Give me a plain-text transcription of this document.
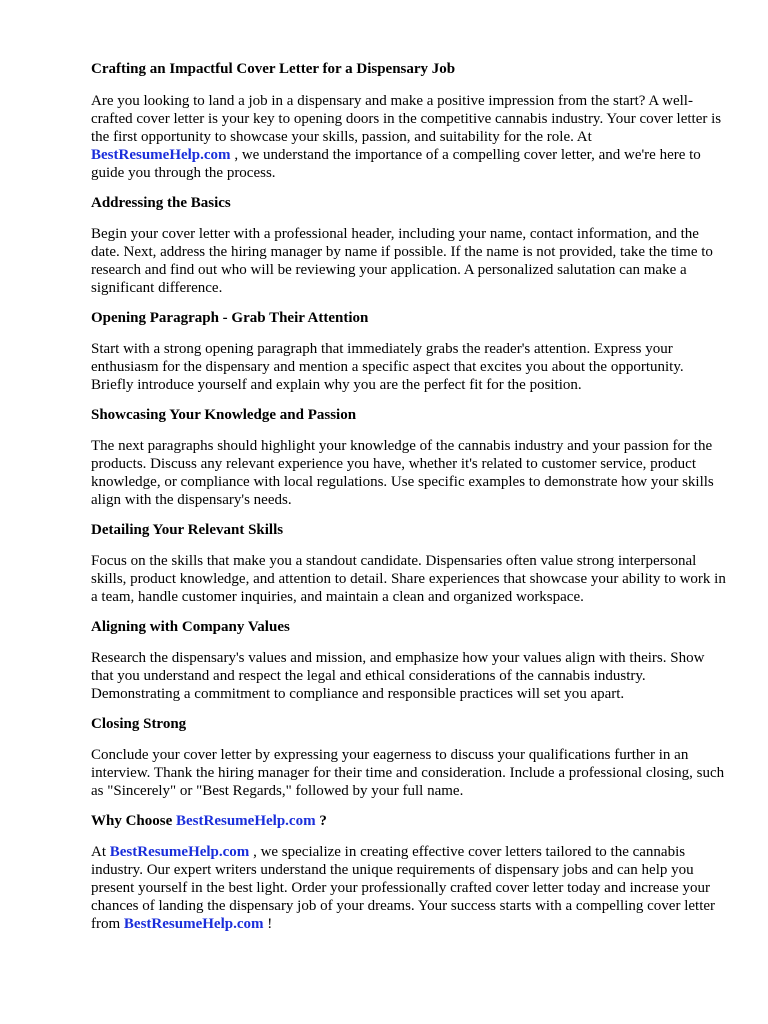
Crafting an Impactful Cover Letter for a Dispensary Job

Are you looking to land a job in a dispensary and make a positive impression from the start? A well-crafted cover letter is your key to opening doors in the competitive cannabis industry. Your cover letter is the first opportunity to showcase your skills, passion, and suitability for the role. At BestResumeHelp.com , we understand the importance of a compelling cover letter, and we're here to guide you through the process.

Addressing the Basics

Begin your cover letter with a professional header, including your name, contact information, and the date. Next, address the hiring manager by name if possible. If the name is not provided, take the time to research and find out who will be reviewing your application. A personalized salutation can make a significant difference.

Opening Paragraph - Grab Their Attention

Start with a strong opening paragraph that immediately grabs the reader's attention. Express your enthusiasm for the dispensary and mention a specific aspect that excites you about the opportunity. Briefly introduce yourself and explain why you are the perfect fit for the position.

Showcasing Your Knowledge and Passion

The next paragraphs should highlight your knowledge of the cannabis industry and your passion for the products. Discuss any relevant experience you have, whether it's related to customer service, product knowledge, or compliance with local regulations. Use specific examples to demonstrate how your skills align with the dispensary's needs.

Detailing Your Relevant Skills

Focus on the skills that make you a standout candidate. Dispensaries often value strong interpersonal skills, product knowledge, and attention to detail. Share experiences that showcase your ability to work in a team, handle customer inquiries, and maintain a clean and organized workspace.

Aligning with Company Values

Research the dispensary's values and mission, and emphasize how your values align with theirs. Show that you understand and respect the legal and ethical considerations of the cannabis industry. Demonstrating a commitment to compliance and responsible practices will set you apart.

Closing Strong

Conclude your cover letter by expressing your eagerness to discuss your qualifications further in an interview. Thank the hiring manager for their time and consideration. Include a professional closing, such as "Sincerely" or "Best Regards," followed by your full name.

Why Choose BestResumeHelp.com ?

At BestResumeHelp.com , we specialize in creating effective cover letters tailored to the cannabis industry. Our expert writers understand the unique requirements of dispensary jobs and can help you present yourself in the best light. Order your professionally crafted cover letter today and increase your chances of landing the dispensary job of your dreams. Your success starts with a compelling cover letter from BestResumeHelp.com !
